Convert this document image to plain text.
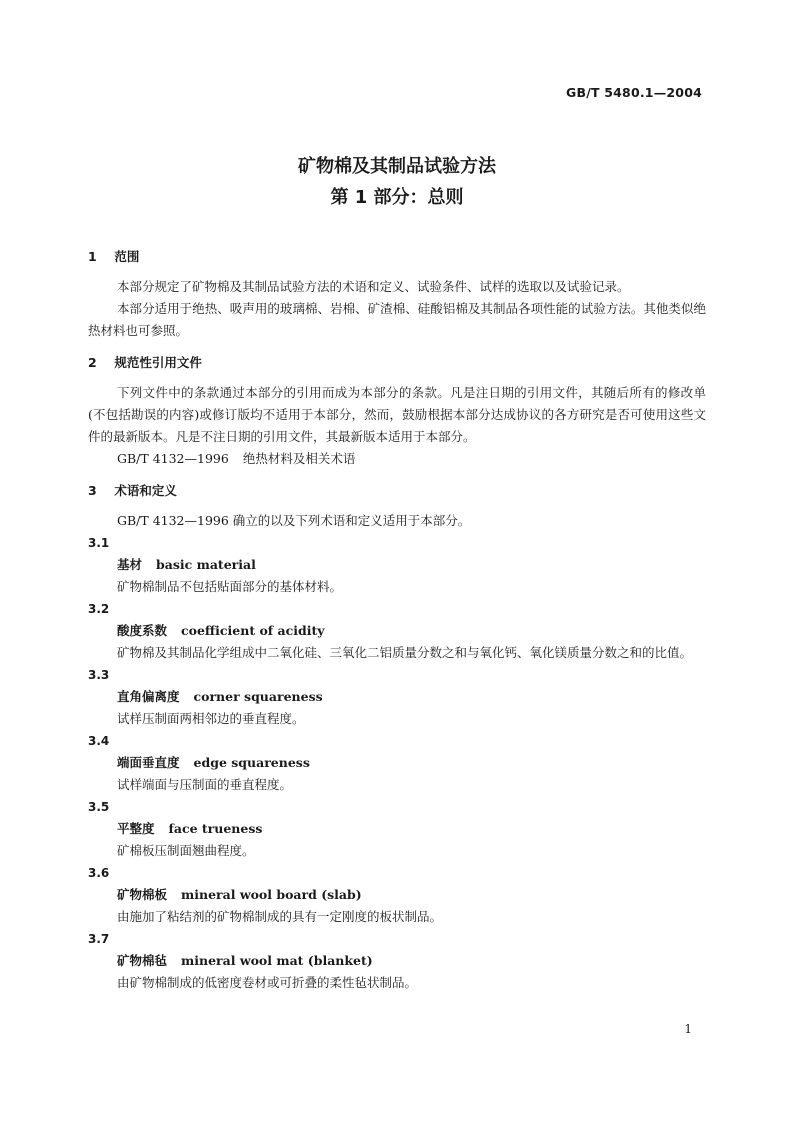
GB/T 5480.1—2004
矿物棉及其制品试验方法
第 1 部分：总则
1 范围

本部分规定了矿物棉及其制品试验方法的术语和定义、试验条件、试样的选取以及试验记录。

本部分适用于绝热、吸声用的玻璃棉、岩棉、矿渣棉、硅酸铝棉及其制品各项性能的试验方法。其他类似绝热材料也可参照。

2 规范性引用文件

下列文件中的条款通过本部分的引用而成为本部分的条款。凡是注日期的引用文件，其随后所有的修改单(不包括勘误的内容)或修订版均不适用于本部分，然而，鼓励根据本部分达成协议的各方研究是否可使用这些文件的最新版本。凡是不注日期的引用文件，其最新版本适用于本部分。

GB/T 4132—1996 绝热材料及相关术语

3 术语和定义

GB/T 4132—1996 确立的以及下列术语和定义适用于本部分。

3.1
基材 basic material

矿物棉制品不包括贴面部分的基体材料。

3.2
酸度系数 coefficient of acidity

矿物棉及其制品化学组成中二氧化硅、三氧化二铝质量分数之和与氧化钙、氧化镁质量分数之和的比值。

3.3
直角偏离度 corner squareness

试样压制面两相邻边的垂直程度。

3.4
端面垂直度 edge squareness

试样端面与压制面的垂直程度。

3.5
平整度 face trueness

矿棉板压制面翘曲程度。

3.6
矿物棉板 mineral wool board (slab)

由施加了粘结剂的矿物棉制成的具有一定刚度的板状制品。

3.7
矿物棉毡 mineral wool mat (blanket)

由矿物棉制成的低密度卷材或可折叠的柔性毡状制品。

1
